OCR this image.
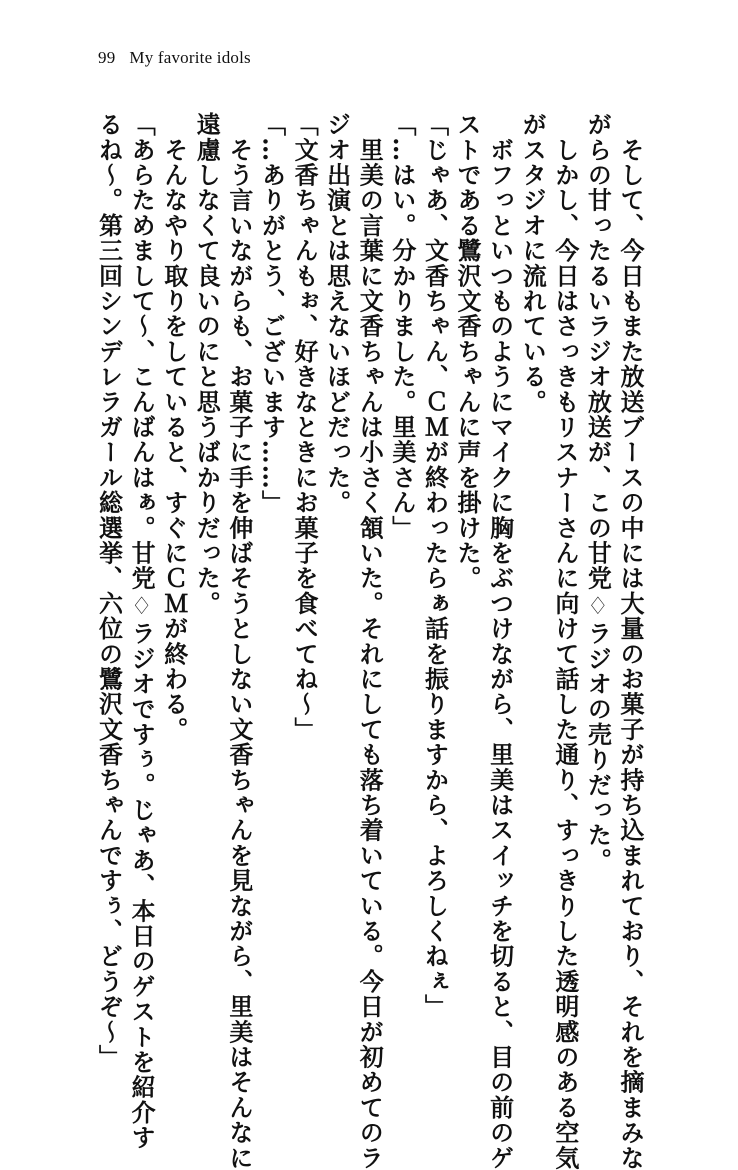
99 My favorite idols

　そして、今日もまた放送ブースの中には大量のお菓子が持ち込まれており、それを摘まみな

がらの甘ったるいラジオ放送が、この甘党♢ラジオの売りだった。

　しかし、今日はさっきもリスナーさんに向けて話した通り、すっきりした透明感のある空気

がスタジオに流れている。

　ボフっといつものようにマイクに胸をぶつけながら、里美はスイッチを切ると、目の前のゲ

ストである鷺沢文香ちゃんに声を掛けた。

「じゃあ、文香ちゃん、ＣＭが終わったらぁ話を振りますから、よろしくねぇ」

「…はい。分かりました。里美さん」

　里美の言葉に文香ちゃんは小さく頷いた。それにしても落ち着いている。今日が初めてのラ

ジオ出演とは思えないほどだった。

「文香ちゃんもぉ、好きなときにお菓子を食べてね～」

「…ありがとう、ございます……」

　そう言いながらも、お菓子に手を伸ばそうとしない文香ちゃんを見ながら、里美はそんなに

遠慮しなくて良いのにと思うばかりだった。

　そんなやり取りをしていると、すぐにＣＭが終わる。

「あらためまして～、こんばんはぁ。甘党♢ラジオですぅ。じゃあ、本日のゲストを紹介す

るね～。第三回シンデレラガール総選挙、六位の鷺沢文香ちゃんですぅ、どうぞ～」
